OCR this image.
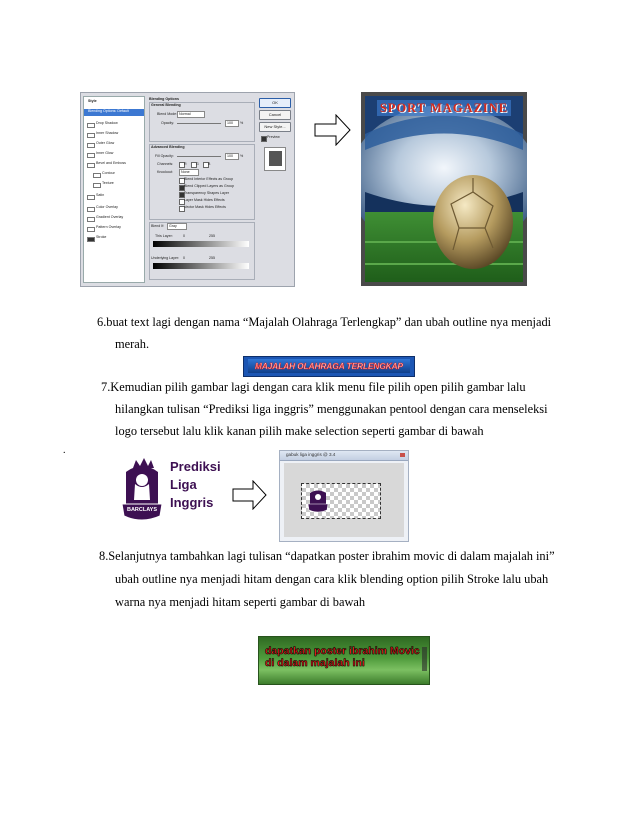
Style
Blending Options: Default
Drop Shadow
Inner Shadow
Outer Glow
Inner Glow
Bevel and Emboss
Contour
Texture
Satin
Color Overlay
Gradient Overlay
Pattern Overlay
Stroke
Blending Options
General Blending
Blend Mode: Normal
Opacity:	100 %
Advanced Blending
Fill Opacity:	100 %
Channels:	R	G	B
Knockout: None
Blend Interior Effects as Group
Blend Clipped Layers as Group
Transparency Shapes Layer
Layer Mask Hides Effects
Vector Mask Hides Effects
Blend If: Gray
This Layer:	0	255
Underlying Layer: 0	255
OK
Cancel
New Style...
Preview
SPORT MAGAZINE
6.buat text lagi dengan nama “Majalah Olahraga Terlengkap” dan ubah outline nya menjadi
merah.
MAJALAH OLAHRAGA TERLENGKAP
7.Kemudian pilih gambar lagi dengan cara klik menu file pilih open pilih gambar lalu
hilangkan tulisan “Prediksi liga inggris” menggunakan pentool dengan cara menseleksi
logo tersebut lalu klik kanan pilih make selection seperti gambar di bawah
.
BARCLAYS
Prediksi
Liga
Inggris
gabuk liga inggris @ 3.4
8.Selanjutnya tambahkan lagi tulisan “dapatkan poster ibrahim movic di dalam majalah ini”
ubah outline nya menjadi hitam dengan cara klik blending option pilih Stroke lalu ubah
warna nya menjadi hitam seperti gambar di bawah
dapatkan poster ibrahim Movic
di dalam majalah ini
